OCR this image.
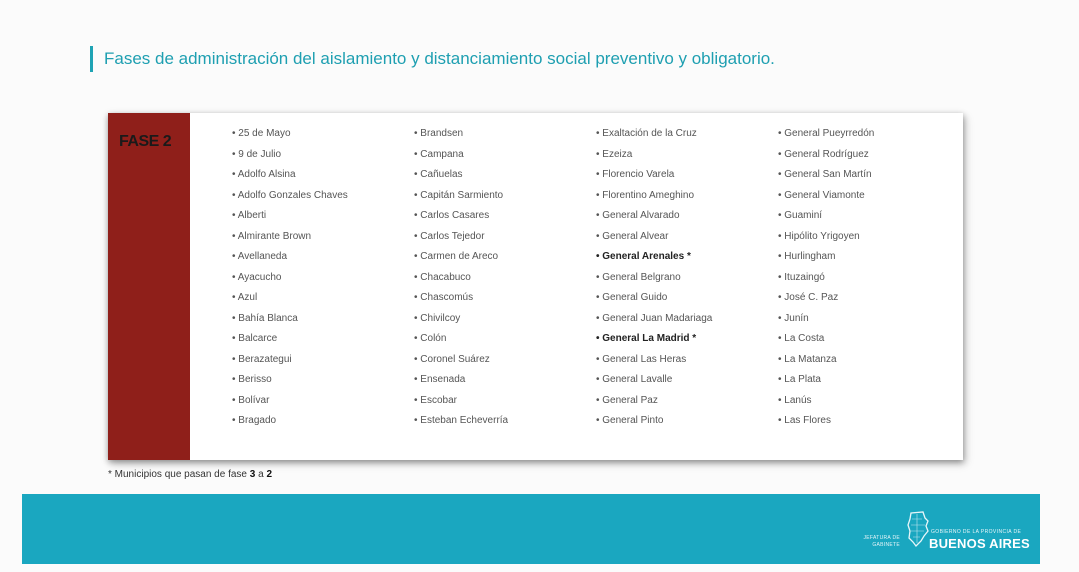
Fases de administración del aislamiento y distanciamiento social preventivo y obligatorio.
FASE 2
•	25 de Mayo
• 9 de Julio
• Adolfo Alsina
• Adolfo Gonzales Chaves
• Alberti
• Almirante Brown
• Avellaneda
• Ayacucho
• Azul
• Bahía Blanca
• Balcarce
• Berazategui
• Berisso
• Bolívar
• Bragado
• Brandsen
• Campana
• Cañuelas
• Capitán Sarmiento
• Carlos Casares
• Carlos Tejedor
• Carmen de Areco
• Chacabuco
• Chascomús
• Chivilcoy
• Colón
• Coronel Suárez
• Ensenada
• Escobar
• Esteban Echeverría
• Exaltación de la Cruz
• Ezeiza
• Florencio Varela
• Florentino Ameghino
• General Alvarado
• General Alvear
• General Arenales *
• General Belgrano
• General Guido
• General Juan Madariaga
• General La Madrid *
• General Las Heras
• General Lavalle
• General Paz
• General Pinto
• General Pueyrredón
• General Rodríguez
• General San Martín
• General Viamonte
• Guaminí
• Hipólito Yrigoyen
• Hurlingham
• Ituzaingó
• José C. Paz
• Junín
• La Costa
• La Matanza
• La Plata
• Lanús
• Las Flores
* Municipios que pasan de fase 3 a 2
JEFATURA DE
GABINETE
GOBIERNO DE LA PROVINCIA DE
BUENOS AIRES
